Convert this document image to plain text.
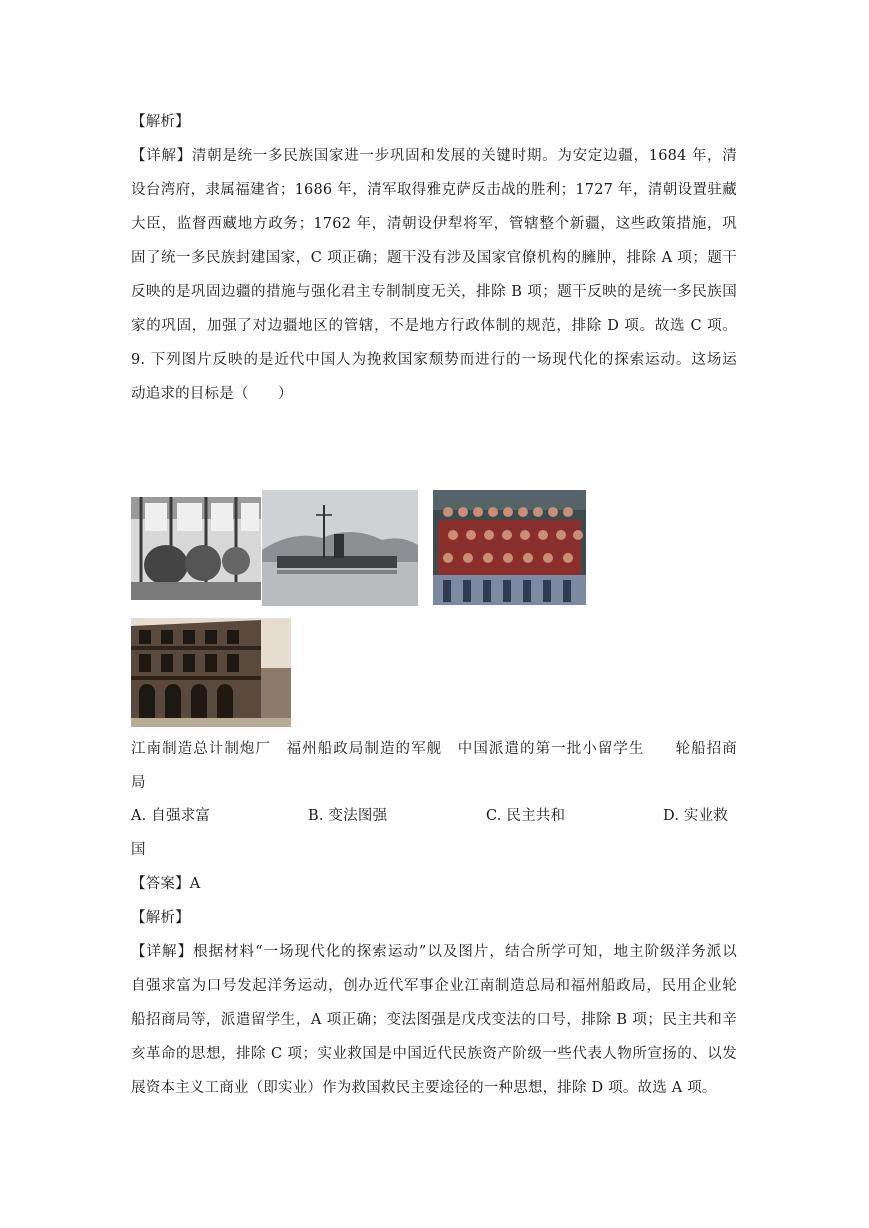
【解析】
【详解】清朝是统一多民族国家进一步巩固和发展的关键时期。为安定边疆，1684 年，清
设台湾府，隶属福建省；1686 年，清军取得雅克萨反击战的胜利；1727 年，清朝设置驻藏
大臣，监督西藏地方政务；1762 年，清朝设伊犁将军，管辖整个新疆，这些政策措施，巩
固了统一多民族封建国家，C 项正确；题干没有涉及国家官僚机构的臃肿，排除 A 项；题干
反映的是巩固边疆的措施与强化君主专制制度无关，排除 B 项；题干反映的是统一多民族国
家的巩固，加强了对边疆地区的管辖，不是地方行政体制的规范，排除 D 项。故选 C 项。
9. 下列图片反映的是近代中国人为挽救国家颓势而进行的一场现代化的探索运动。这场运
动追求的目标是（　　）
江南制造总计制炮厂　福州船政局制造的军舰　中国派遣的第一批小留学生　　轮船招商
局
A. 自强求富	B. 变法图强	C. 民主共和	D. 实业救
国
【答案】A
【解析】
【详解】根据材料“一场现代化的探索运动”以及图片，结合所学可知，地主阶级洋务派以
自强求富为口号发起洋务运动，创办近代军事企业江南制造总局和福州船政局，民用企业轮
船招商局等，派遣留学生，A 项正确；变法图强是戊戌变法的口号，排除 B 项；民主共和辛
亥革命的思想，排除 C 项；实业救国是中国近代民族资产阶级一些代表人物所宣扬的、以发
展资本主义工商业（即实业）作为救国救民主要途径的一种思想，排除 D 项。故选 A 项。
